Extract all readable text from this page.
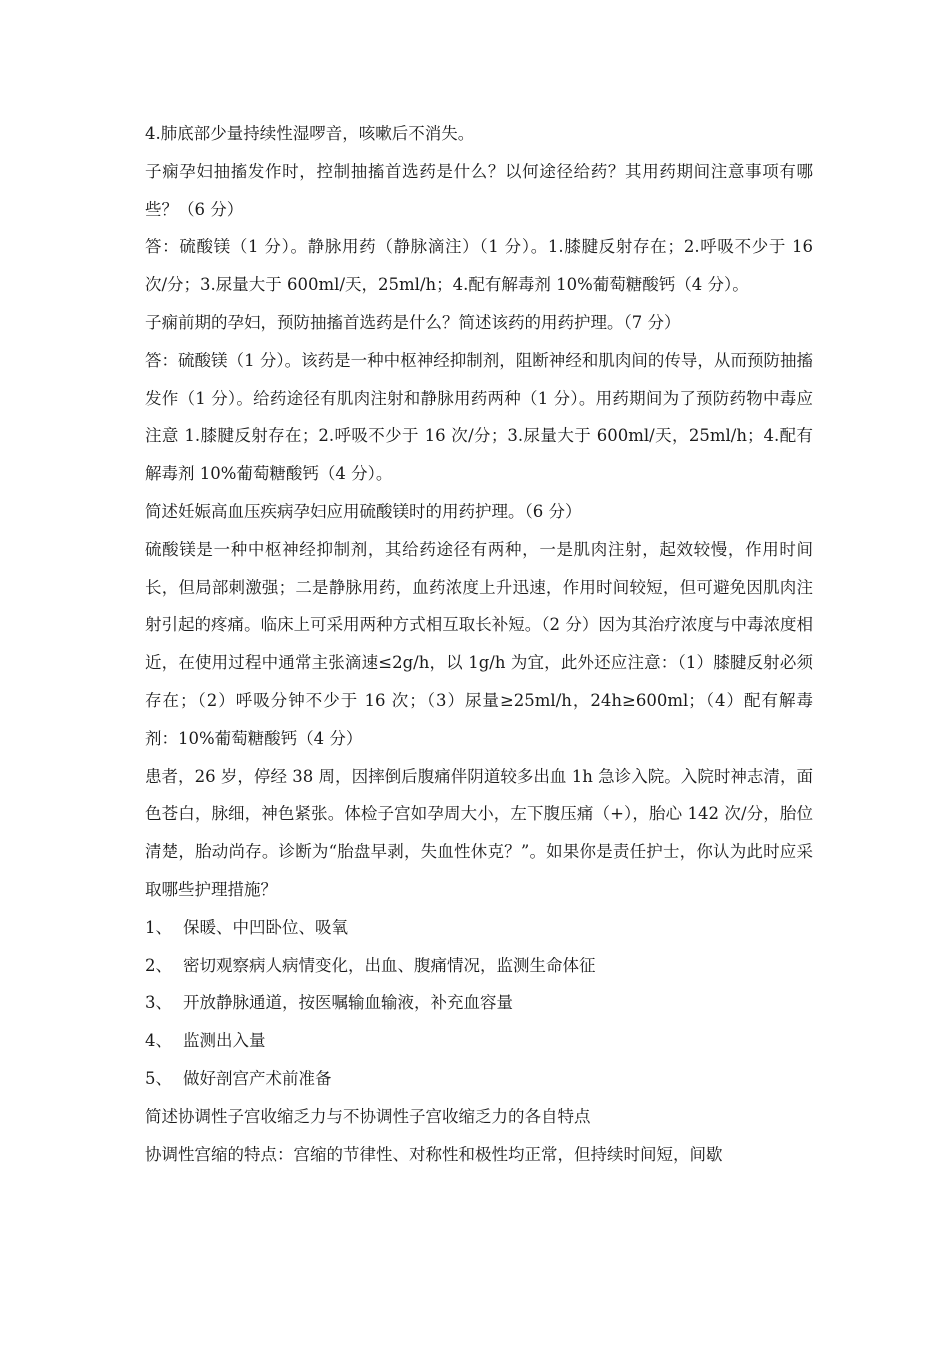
4.肺底部少量持续性湿啰音，咳嗽后不消失。

子痫孕妇抽搐发作时，控制抽搐首选药是什么？以何途径给药？其用药期间注意事项有哪些？（6 分）

答：硫酸镁（1 分）。静脉用药（静脉滴注）（1 分）。1.膝腱反射存在；2.呼吸不少于 16 次/分；3.尿量大于 600ml/天，25ml/h；4.配有解毒剂 10%葡萄糖酸钙（4 分）。

子痫前期的孕妇，预防抽搐首选药是什么？简述该药的用药护理。（7 分）

答：硫酸镁（1 分）。该药是一种中枢神经抑制剂，阻断神经和肌肉间的传导，从而预防抽搐发作（1 分）。给药途径有肌肉注射和静脉用药两种（1 分）。用药期间为了预防药物中毒应注意 1.膝腱反射存在；2.呼吸不少于 16 次/分；3.尿量大于 600ml/天，25ml/h；4.配有解毒剂 10%葡萄糖酸钙（4 分）。

简述妊娠高血压疾病孕妇应用硫酸镁时的用药护理。（6 分）

硫酸镁是一种中枢神经抑制剂，其给药途径有两种，一是肌肉注射，起效较慢，作用时间长，但局部刺激强；二是静脉用药，血药浓度上升迅速，作用时间较短，但可避免因肌肉注射引起的疼痛。临床上可采用两种方式相互取长补短。（2 分）因为其治疗浓度与中毒浓度相近，在使用过程中通常主张滴速≤2g/h，以 1g/h 为宜，此外还应注意：（1）膝腱反射必须存在；（2）呼吸分钟不少于 16 次；（3）尿量≥25ml/h，24h≥600ml；（4）配有解毒剂：10%葡萄糖酸钙（4 分）

患者，26 岁，停经 38 周，因摔倒后腹痛伴阴道较多出血 1h 急诊入院。入院时神志清，面色苍白，脉细，神色紧张。体检子宫如孕周大小，左下腹压痛（+），胎心 142 次/分，胎位清楚，胎动尚存。诊断为“胎盘早剥，失血性休克？”。如果你是责任护士，你认为此时应采取哪些护理措施？

1、 保暖、中凹卧位、吸氧
2、 密切观察病人病情变化，出血、腹痛情况，监测生命体征
3、 开放静脉通道，按医嘱输血输液，补充血容量
4、 监测出入量
5、 做好剖宫产术前准备

简述协调性子宫收缩乏力与不协调性子宫收缩乏力的各自特点

协调性宫缩的特点：宫缩的节律性、对称性和极性均正常，但持续时间短，间歇
